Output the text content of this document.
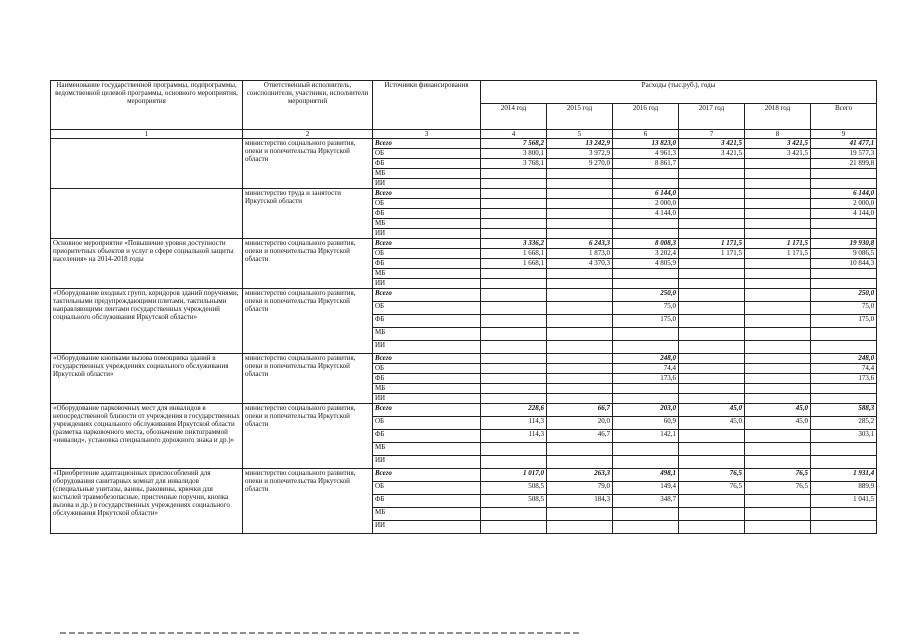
Наименование государственной программы, подпрограммы, ведомственной целевой программы, основного мероприятия, мероприятия	Ответственный исполнитель, соисполнители, участники, исполнители мероприятий	Источники финансирования	Расходы (тыс.руб.), годы					
			2014 год	2015 год	2016 год	2017 год	2018 год	Всего
1	2	3	4	5	6	7	8	9
	министерство социального развития, опеки и попечительства Иркутской области	Всего	7 568,2	13 242,9	13 823,0	3 421,5	3 421,5	41 477,1
		ОБ	3 800,1	3 972,9	4 961,3	3 421,5	3 421,5	19 577,3
		ФБ	3 768,1	9 270,0	8 861,7			21 899,8
		МБ						
		ИИ						
	министерство труда и занятости Иркутской области	Всего			6 144,0			6 144,0
		ОБ			2 000,0			2 000,0
		ФБ			4 144,0			4 144,0
		МБ						
		ИИ						
Основное мероприятие «Повышение уровня доступности приоритетных объектов и услуг в сфере социальной защиты населения» на 2014-2018 годы	министерство социального развития, опеки и попечительства Иркутской области	Всего	3 336,2	6 243,3	8 008,3	1 171,5	1 171,5	19 930,8
		ОБ	1 668,1	1 873,0	3 202,4	1 171,5	1 171,5	9 086,5
		ФБ	1 668,1	4 370,3	4 805,9			10 844,3
		МБ						
		ИИ						
«Оборудование входных групп, коридоров зданий поручнями, тактильными предупреждающими плитами, тактильными направляющими лентами государственных учреждений социального обслуживания Иркутской области»	министерство социального развития, опеки и попечительства Иркутской области	Всего			250,0			250,0
		ОБ			75,0			75,0
		ФБ			175,0			175,0
		МБ						
		ИИ						
«Оборудование кнопками вызова помощника зданий в государственных учреждениях социального обслуживания Иркутской области»	министерство социального развития, опеки и попечительства Иркутской области	Всего			248,0			248,0
		ОБ			74,4			74,4
		ФБ			173,6			173,6
		МБ						
		ИИ						
«Оборудование парковочных мест для инвалидов в непосредственной близости от учреждения в государственных учреждениях социального обслуживания Иркутской области (разметка парковочного места, обозначение пиктограммой «инвалид», установка специального дорожного знака и др.)»	министерство социального развития, опеки и попечительства Иркутской области	Всего	228,6	66,7	203,0	45,0	45,0	588,3
		ОБ	114,3	20,0	60,9	45,0	45,0	285,2
		ФБ	114,3	46,7	142,1			303,1
		МБ						
		ИИ						
«Приобретение адаптационных приспособлений для оборудования санитарных комнат для инвалидов (специальные унитазы, ванны, раковины, крючки для костылей травмобезопасные, пристенные поручни, кнопка вызова и др.) в государственных учреждениях социального обслуживания Иркутской области»	министерство социального развития, опеки и попечительства Иркутской области	Всего	1 017,0	263,3	498,1	76,5	76,5	1 931,4
		ОБ	508,5	79,0	149,4	76,5	76,5	889,9
		ФБ	508,5	184,3	348,7			1 041,5
		МБ						
		ИИ						
